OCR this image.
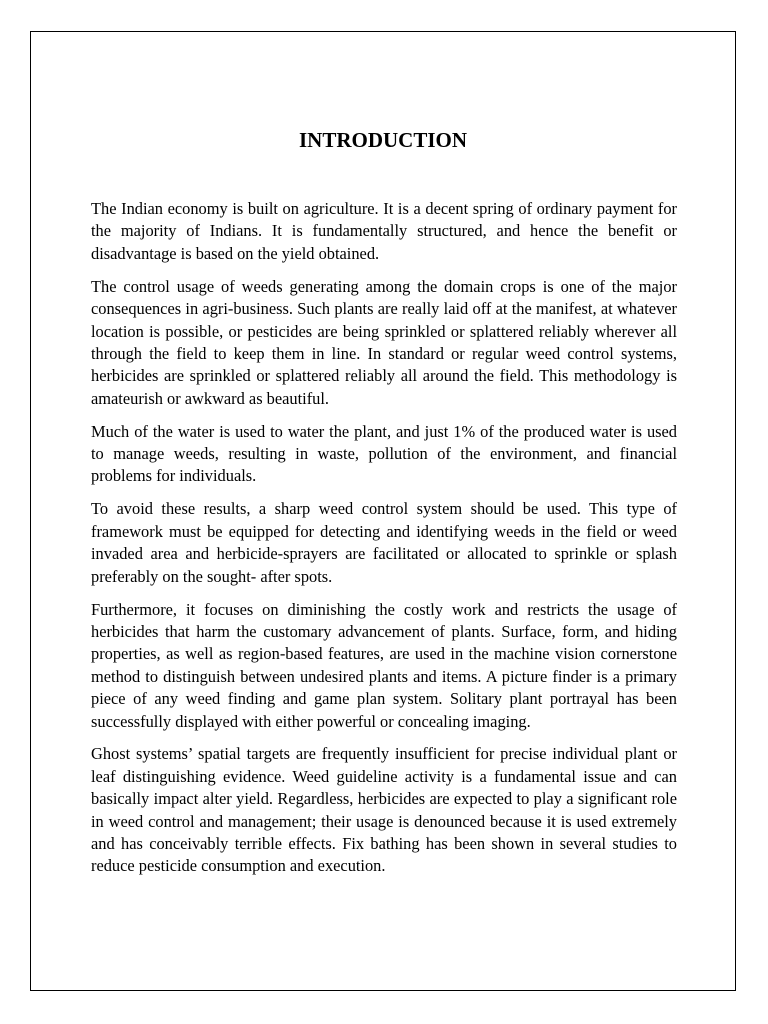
INTRODUCTION

The Indian economy is built on agriculture. It is a decent spring of ordinary payment for the majority of Indians. It is fundamentally structured, and hence the benefit or disadvantage is based on the yield obtained.

The control usage of weeds generating among the domain crops is one of the major consequences in agri-business. Such plants are really laid off at the manifest, at whatever location is possible, or pesticides are being sprinkled or splattered reliably wherever all through the field to keep them in line. In standard or regular weed control systems, herbicides are sprinkled or splattered reliably all around the field. This methodology is amateurish or awkward as beautiful.

Much of the water is used to water the plant, and just 1% of the produced water is used to manage weeds, resulting in waste, pollution of the environment, and financial problems for individuals.

To avoid these results, a sharp weed control system should be used. This type of framework must be equipped for detecting and identifying weeds in the field or weed invaded area and herbicide-sprayers are facilitated or allocated to sprinkle or splash preferably on the sought- after spots.

Furthermore, it focuses on diminishing the costly work and restricts the usage of herbicides that harm the customary advancement of plants. Surface, form, and hiding properties, as well as region-based features, are used in the machine vision cornerstone method to distinguish between undesired plants and items. A picture finder is a primary piece of any weed finding and game plan system. Solitary plant portrayal has been successfully displayed with either powerful or concealing imaging.

Ghost systems’ spatial targets are frequently insufficient for precise individual plant or leaf distinguishing evidence. Weed guideline activity is a fundamental issue and can basically impact alter yield. Regardless, herbicides are expected to play a significant role in weed control and management; their usage is denounced because it is used extremely and has conceivably terrible effects. Fix bathing has been shown in several studies to reduce pesticide consumption and execution.
